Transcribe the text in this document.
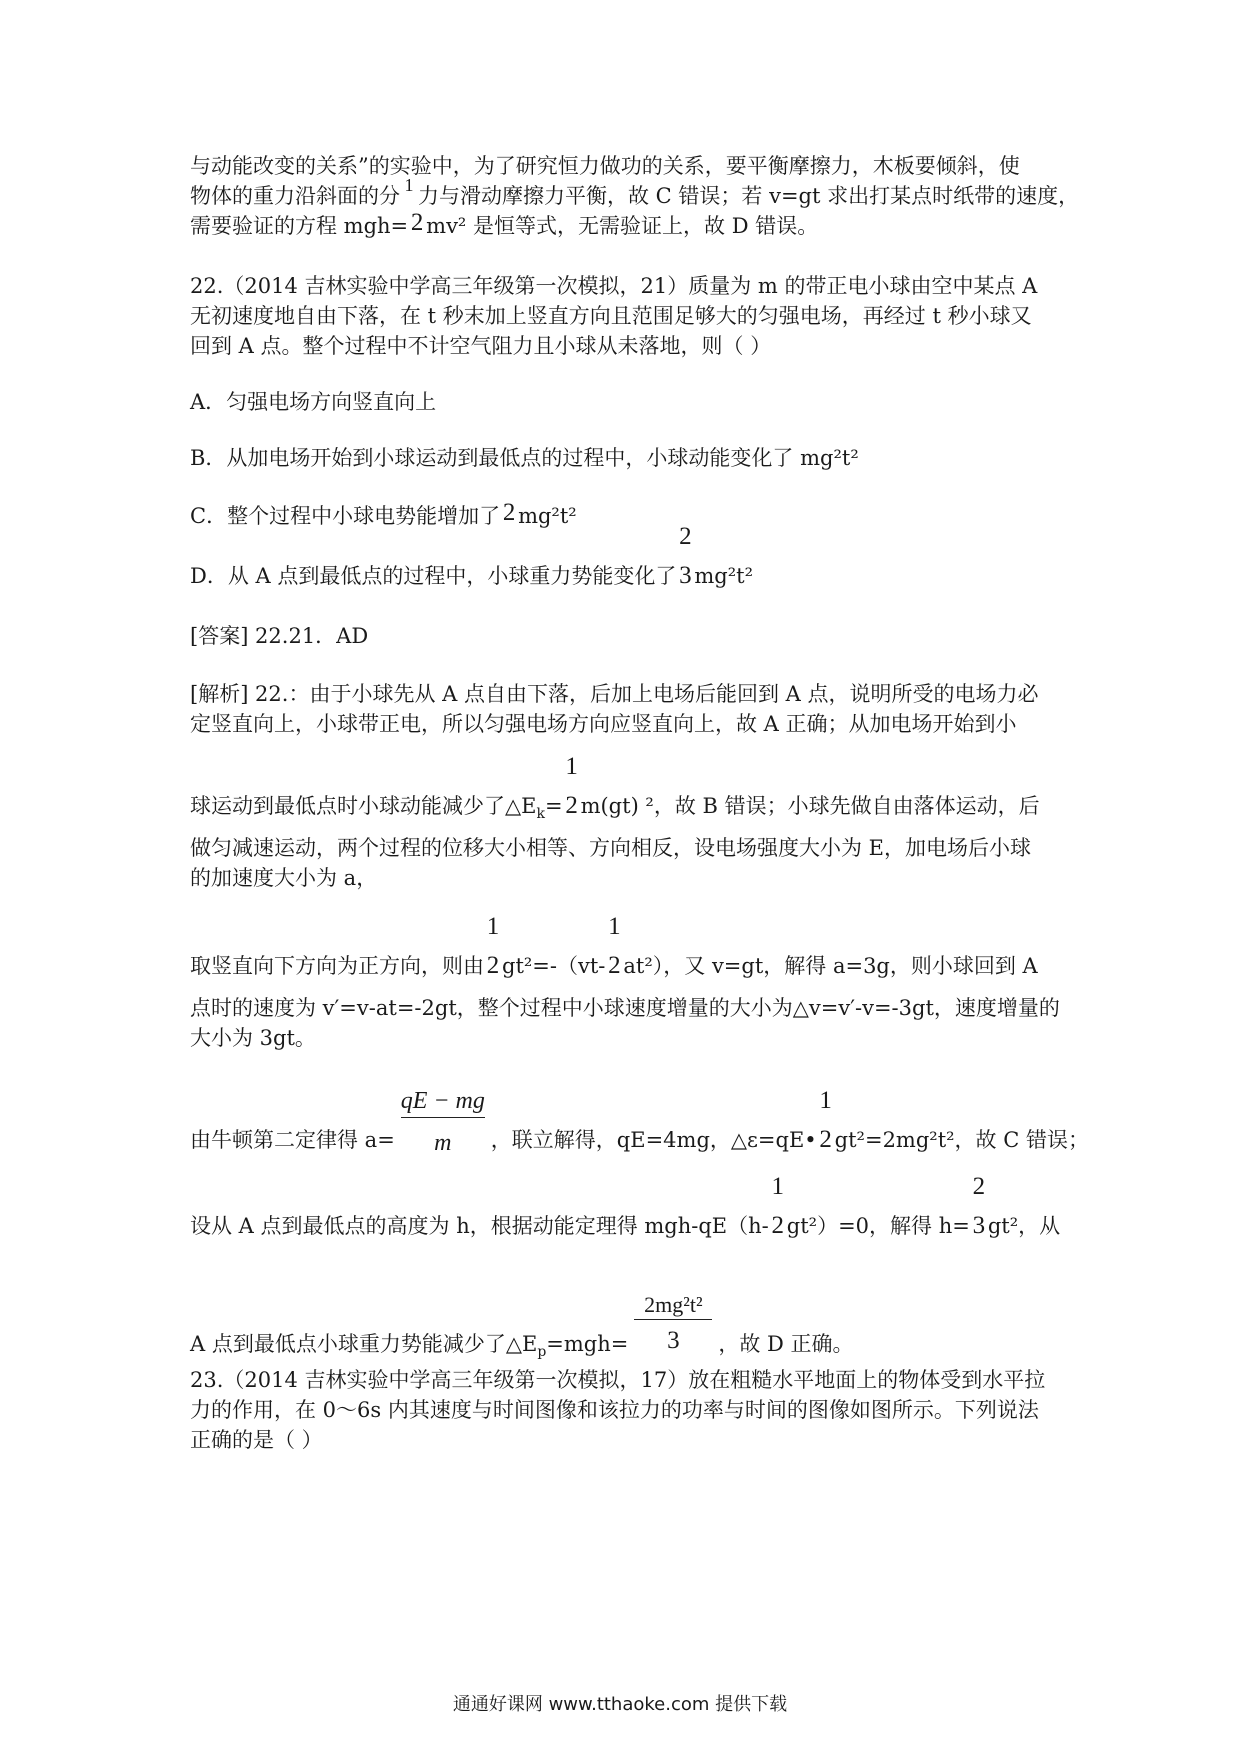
与动能改变的关系”的实验中，为了研究恒力做功的关系，要平衡摩擦力，木板要倾斜，使
物体的重力沿斜面的分 1 力与滑动摩擦力平衡，故 C 错误；若 v=gt 求出打某点时纸带的速度，
需要验证的方程 mgh= 2 mv² 是恒等式，无需验证上，故 D 错误。
22.（2014 吉林实验中学高三年级第一次模拟，21）质量为 m 的带正电小球由空中某点 A
无初速度地自由下落，在 t 秒末加上竖直方向且范围足够大的匀强电场，再经过 t 秒小球又
回到 A 点。整个过程中不计空气阻力且小球从未落地，则（ ）
A．匀强电场方向竖直向上
B．从加电场开始到小球运动到最低点的过程中，小球动能变化了 mg²t²
C．整个过程中小球电势能增加了 2 mg²t²
D．从 A 点到最低点的过程中，小球重力势能变化了
2
3 mg²t²
[答案] 22.21．AD
[解析] 22.：由于小球先从 A 点自由下落，后加上电场后能回到 A 点，说明所受的电场力必
定竖直向上，小球带正电，所以匀强电场方向应竖直向上，故 A 正确；从加电场开始到小
球运动到最低点时小球动能减少了$\triangle E_k=$
1
2 m(gt) ²，故 B 错误；小球先做自由落体运动，后
做匀减速运动，两个过程的位移大小相等、方向相反，设电场强度大小为 E，加电场后小球
的加速度大小为 a，
取竖直向下方向为正方向，则由
1
2 gt²=-（vt-
1
2 at²），又 v=gt，解得 a=3g，则小球回到 A
点时的速度为 v′=v-at=-2gt，整个过程中小球速度增量的大小为△v=v′-v=-3gt，速度增量的
大小为 3gt。
由牛顿第二定律得 $a= \frac{qE - mg}{m}$ ，联立解得，qE=4mg，△ε=qE•
1
2 gt²=2mg²t²，故 C 错误；
设从 A 点到最低点的高度为 h，根据动能定理得 mgh-qE（h-
1
2 gt²）=0，解得 h=
2
3 gt²，从
A 点到最低点小球重力势能减少了$\triangle E_p=mgh= \frac{\text{2mg²t²}}{3}$ ，故 D 正确。
23.（2014 吉林实验中学高三年级第一次模拟，17）放在粗糙水平地面上的物体受到水平拉
力的作用，在 0～6s 内其速度与时间图像和该拉力的功率与时间的图像如图所示。下列说法
正确的是（ ）
通通好课网 www.tthaoke.com 提供下载
